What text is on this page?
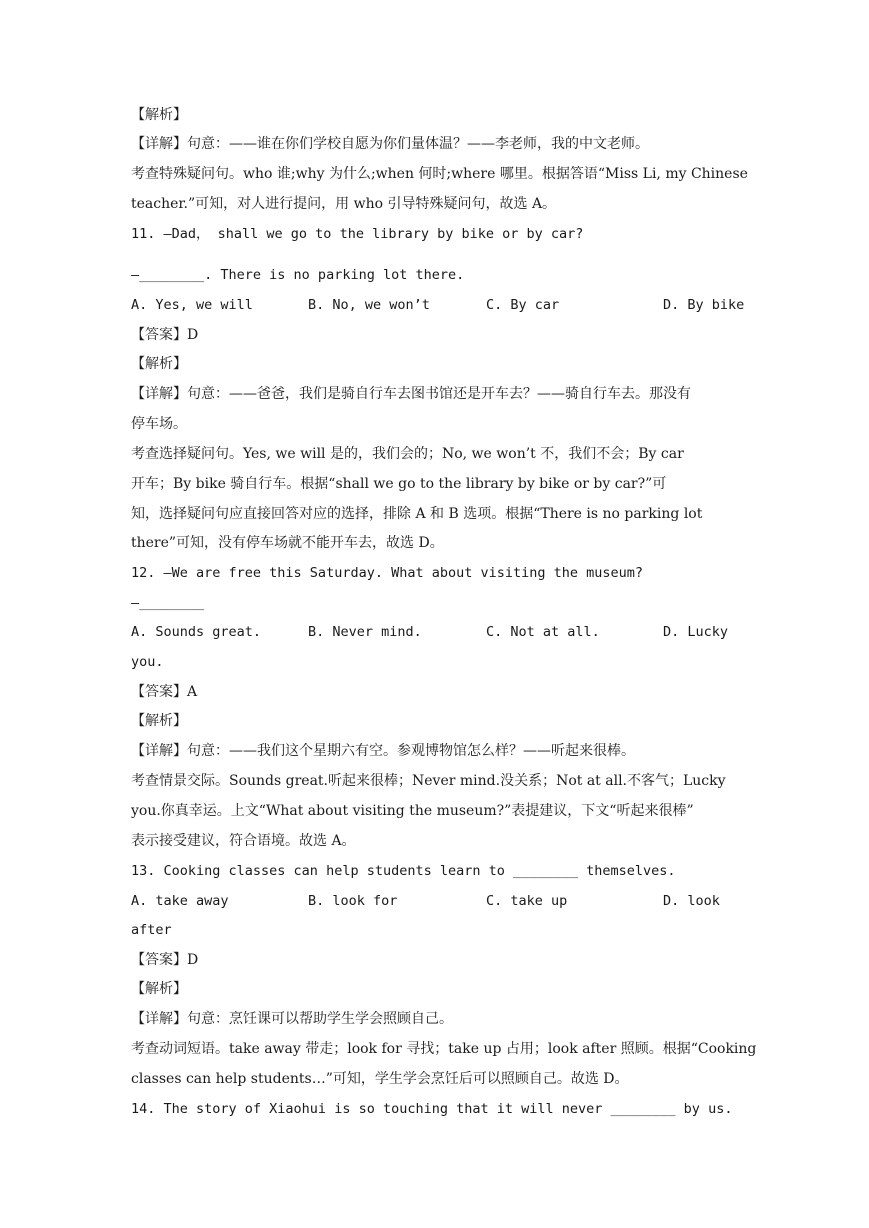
【解析】
【详解】句意：——谁在你们学校自愿为你们量体温？——李老师，我的中文老师。
考查特殊疑问句。who 谁;why 为什么;when 何时;where 哪里。根据答语“Miss Li, my Chinese
teacher.”可知，对人进行提问，用 who 引导特殊疑问句，故选 A。
11. —Dad， shall we go to the library by bike or by car?
—________. There is no parking lot there.
A. Yes, we will	B. No, we won’t	C. By car	D. By bike
【答案】D
【解析】
【详解】句意：——爸爸，我们是骑自行车去图书馆还是开车去？——骑自行车去。那没有
停车场。
考查选择疑问句。Yes, we will 是的，我们会的；No, we won’t 不，我们不会；By car
开车；By bike 骑自行车。根据“shall we go to the library by bike or by car?”可
知，选择疑问句应直接回答对应的选择，排除 A 和 B 选项。根据“There is no parking lot
there”可知，没有停车场就不能开车去，故选 D。
12. —We are free this Saturday. What about visiting the museum?
—________
A. Sounds great.	B. Never mind.	C. Not at all.	D. Lucky
you.
【答案】A
【解析】
【详解】句意：——我们这个星期六有空。参观博物馆怎么样？——听起来很棒。
考查情景交际。Sounds great.听起来很棒；Never mind.没关系；Not at all.不客气；Lucky
you.你真幸运。上文“What about visiting the museum?”表提建议，下文“听起来很棒”
表示接受建议，符合语境。故选 A。
13. Cooking classes can help students learn to ________ themselves.
A. take away	B. look for	C. take up	D. look
after
【答案】D
【解析】
【详解】句意：烹饪课可以帮助学生学会照顾自己。
考查动词短语。take away 带走；look for 寻找；take up 占用；look after 照顾。根据“Cooking
classes can help students…”可知，学生学会烹饪后可以照顾自己。故选 D。
14. The story of Xiaohui is so touching that it will never ________ by us.
